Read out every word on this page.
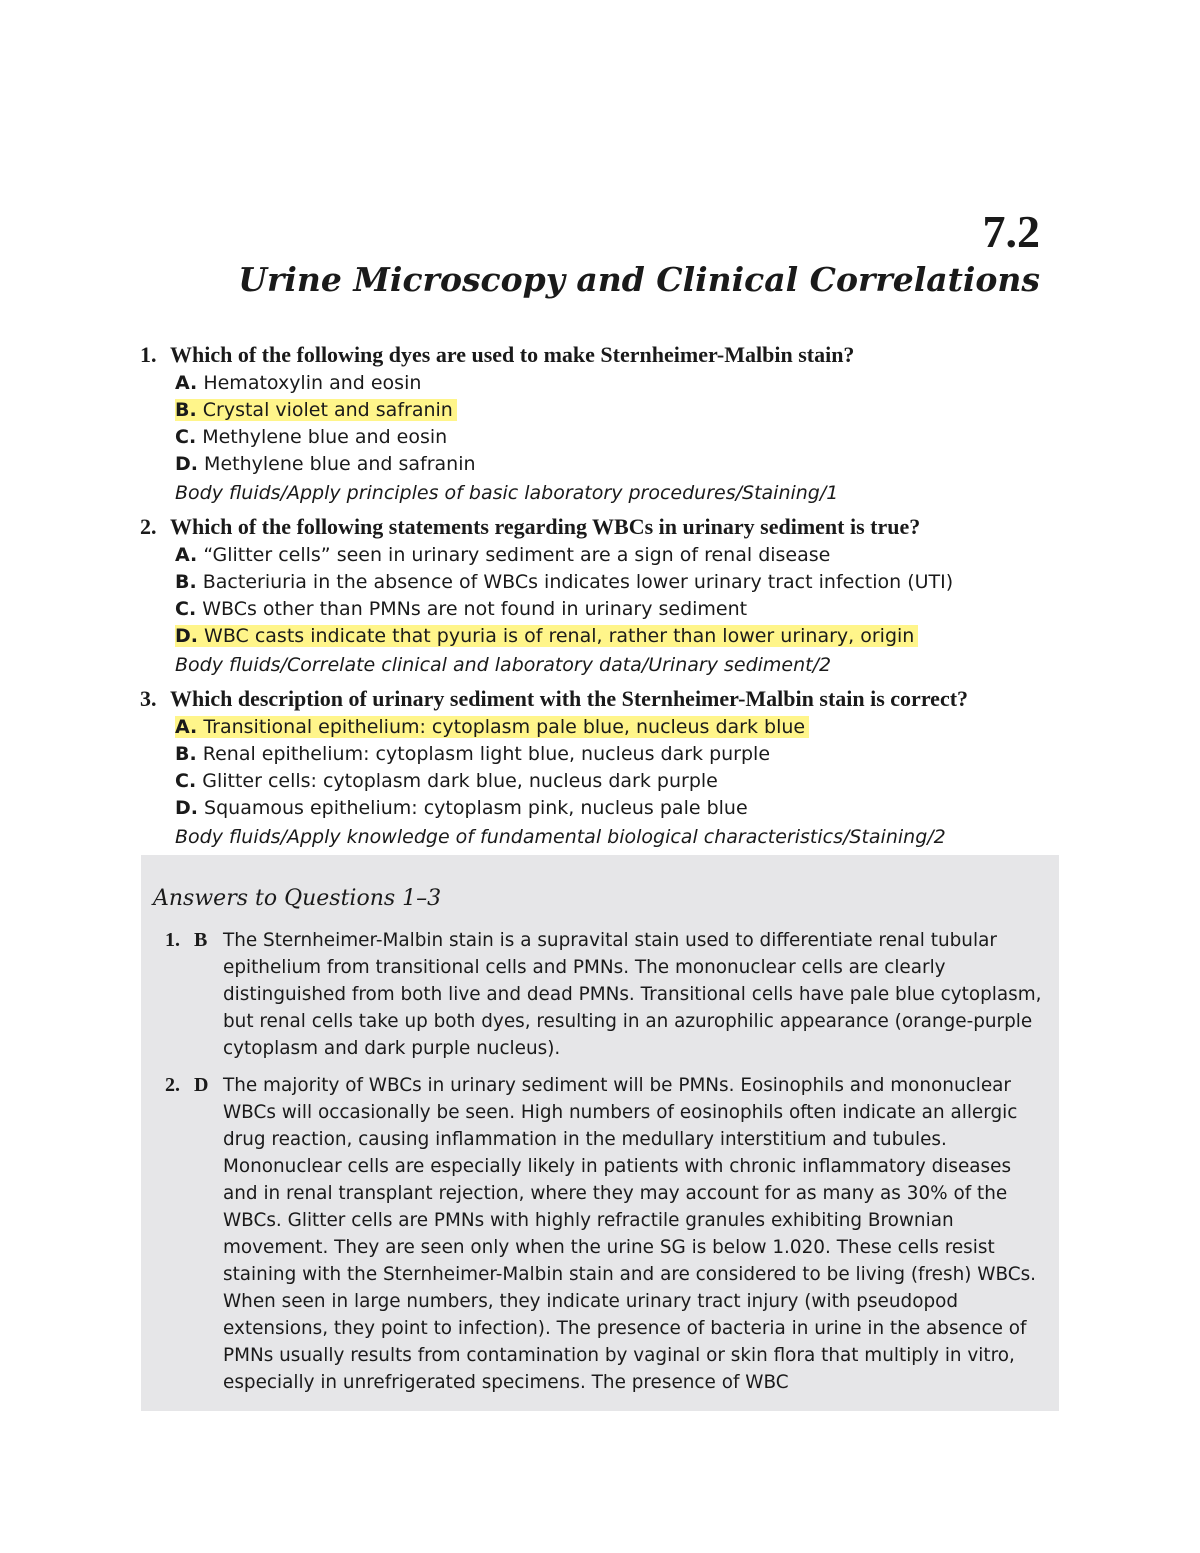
7.2
Urine Microscopy and Clinical Correlations
1. Which of the following dyes are used to make Sternheimer-Malbin stain?
A. Hematoxylin and eosin
B. Crystal violet and safranin
C. Methylene blue and eosin
D. Methylene blue and safranin
Body fluids/Apply principles of basic laboratory procedures/Staining/1
2. Which of the following statements regarding WBCs in urinary sediment is true?
A. “Glitter cells” seen in urinary sediment are a sign of renal disease
B. Bacteriuria in the absence of WBCs indicates lower urinary tract infection (UTI)
C. WBCs other than PMNs are not found in urinary sediment
D. WBC casts indicate that pyuria is of renal, rather than lower urinary, origin
Body fluids/Correlate clinical and laboratory data/Urinary sediment/2
3. Which description of urinary sediment with the Sternheimer-Malbin stain is correct?
A. Transitional epithelium: cytoplasm pale blue, nucleus dark blue
B. Renal epithelium: cytoplasm light blue, nucleus dark purple
C. Glitter cells: cytoplasm dark blue, nucleus dark purple
D. Squamous epithelium: cytoplasm pink, nucleus pale blue
Body fluids/Apply knowledge of fundamental biological characteristics/Staining/2
Answers to Questions 1–3
1. B The Sternheimer-Malbin stain is a supravital stain used to differentiate renal tubular epithelium from transitional cells and PMNs. The mononuclear cells are clearly distinguished from both live and dead PMNs. Transitional cells have pale blue cytoplasm, but renal cells take up both dyes, resulting in an azurophilic appearance (orange-purple cytoplasm and dark purple nucleus).
2. D The majority of WBCs in urinary sediment will be PMNs. Eosinophils and mononuclear WBCs will occasionally be seen. High numbers of eosinophils often indicate an allergic drug reaction, causing inflammation in the medullary interstitium and tubules. Mononuclear cells are especially likely in patients with chronic inflammatory diseases and in renal transplant rejection, where they may account for as many as 30% of the WBCs. Glitter cells are PMNs with highly refractile granules exhibiting Brownian movement. They are seen only when the urine SG is below 1.020. These cells resist staining with the Sternheimer-Malbin stain and are considered to be living (fresh) WBCs. When seen in large numbers, they indicate urinary tract injury (with pseudopod extensions, they point to infection). The presence of bacteria in urine in the absence of PMNs usually results from contamination by vaginal or skin flora that multiply in vitro, especially in unrefrigerated specimens. The presence of WBC
